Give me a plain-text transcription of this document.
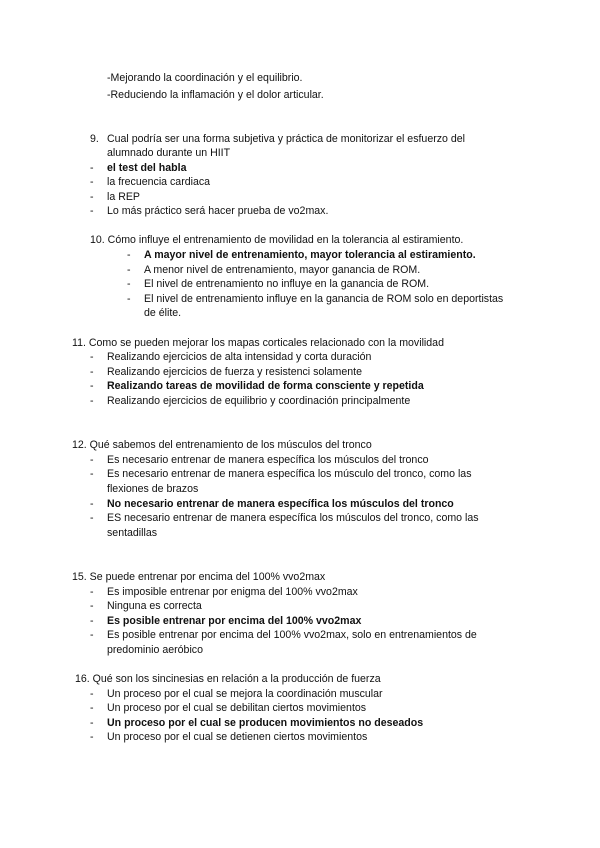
-Mejorando la coordinación y el equilibrio.
-Reduciendo la inflamación y el dolor articular.
9. Cual podría ser una forma subjetiva y práctica de monitorizar el esfuerzo del
alumnado durante un HIIT
- el test del habla
- la frecuencia cardiaca
- la REP
- Lo más práctico será hacer prueba de vo2max.
10. Cómo influye el entrenamiento de movilidad en la tolerancia al estiramiento.
- A mayor nivel de entrenamiento, mayor tolerancia al estiramiento.
- A menor nivel de entrenamiento, mayor ganancia de ROM.
- El nivel de entrenamiento no influye en la ganancia de ROM.
- El nivel de entrenamiento influye en la ganancia de ROM solo en deportistas
de élite.
11. Como se pueden mejorar los mapas corticales relacionado con la movilidad
- Realizando ejercicios de alta intensidad y corta duración
- Realizando ejercicios de fuerza y resistenci solamente
- Realizando tareas de movilidad de forma consciente y repetida
- Realizando ejercicios de equilibrio y coordinación principalmente
12. Qué sabemos del entrenamiento de los músculos del tronco
- Es necesario entrenar de manera específica los músculos del tronco
- Es necesario entrenar de manera específica los músculo del tronco, como las
flexiones de brazos
- No necesario entrenar de manera específica los músculos del tronco
- ES necesario entrenar de manera específica los músculos del tronco, como las
sentadillas
15. Se puede entrenar por encima del 100% vvo2max
- Es imposible entrenar por enigma del 100% vvo2max
- Ninguna es correcta
- Es posible entrenar por encima del 100% vvo2max
- Es posible entrenar por encima del 100% vvo2max, solo en entrenamientos de
predominio aeróbico
16. Qué son los sincinesias en relación a la producción de fuerza
- Un proceso por el cual se mejora la coordinación muscular
- Un proceso por el cual se debilitan ciertos movimientos
- Un proceso por el cual se producen movimientos no deseados
- Un proceso por el cual se detienen ciertos movimientos
